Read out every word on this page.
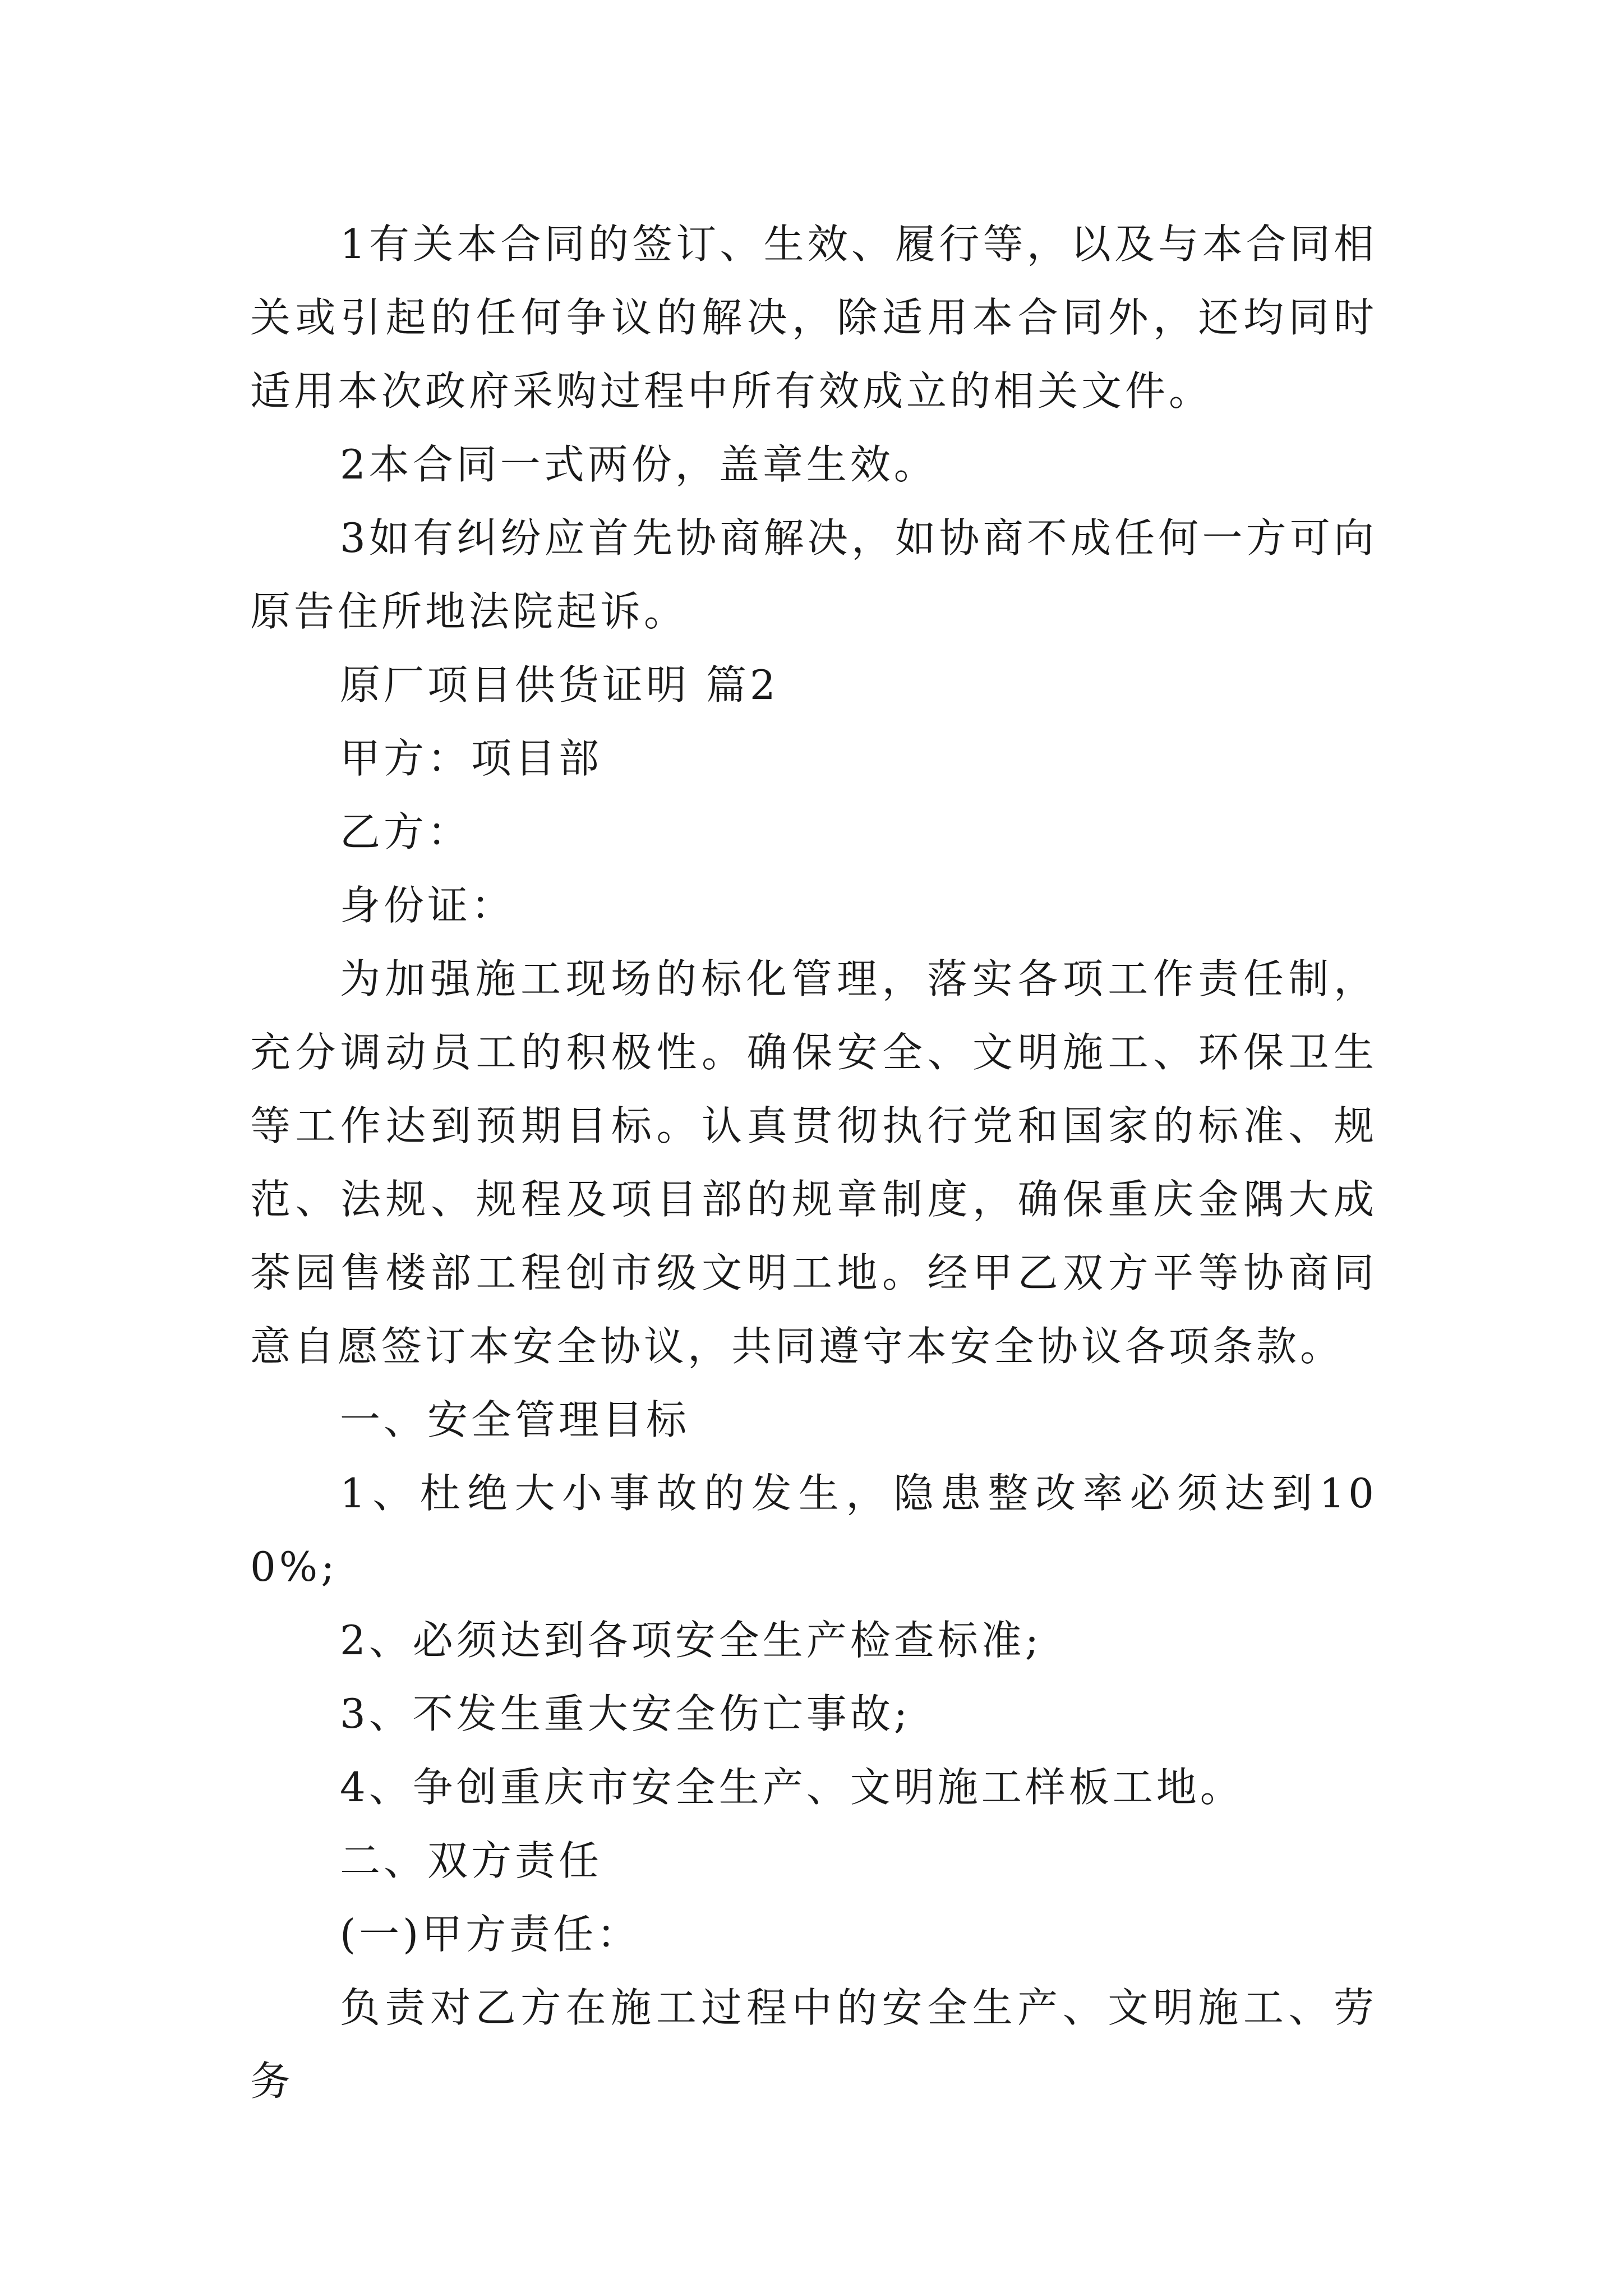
1有关本合同的签订、生效、履行等，以及与本合同相关或引起的任何争议的解决，除适用本合同外，还均同时适用本次政府采购过程中所有效成立的相关文件。

2本合同一式两份，盖章生效。

3如有纠纷应首先协商解决，如协商不成任何一方可向原告住所地法院起诉。

原厂项目供货证明 篇2

甲方：项目部

乙方：

身份证：

为加强施工现场的标化管理，落实各项工作责任制，充分调动员工的积极性。确保安全、文明施工、环保卫生等工作达到预期目标。认真贯彻执行党和国家的标准、规范、法规、规程及项目部的规章制度，确保重庆金隅大成茶园售楼部工程创市级文明工地。经甲乙双方平等协商同意自愿签订本安全协议，共同遵守本安全协议各项条款。

一、安全管理目标

1、杜绝大小事故的发生，隐患整改率必须达到100%;

2、必须达到各项安全生产检查标准;

3、不发生重大安全伤亡事故;

4、争创重庆市安全生产、文明施工样板工地。

二、双方责任

(一)甲方责任：

负责对乙方在施工过程中的安全生产、文明施工、劳务
